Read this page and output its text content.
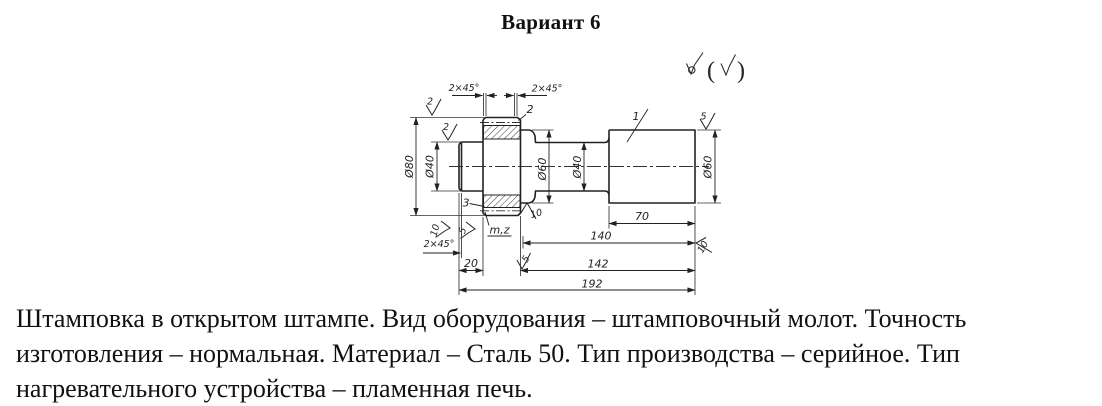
Вариант 6
Ø80 Ø40	Ø60 Ø40	Ø60
70
140
142
192
20
2×45°	2×45°
2×45°
2
2
5
10
10 5
5
10
1
2
3
m,z
( )
Штамповка в открытом штампе. Вид оборудования – штамповочный молот. Точность
изготовления – нормальная. Материал – Сталь 50. Тип производства – серийное. Тип
нагревательного устройства – пламенная печь.
